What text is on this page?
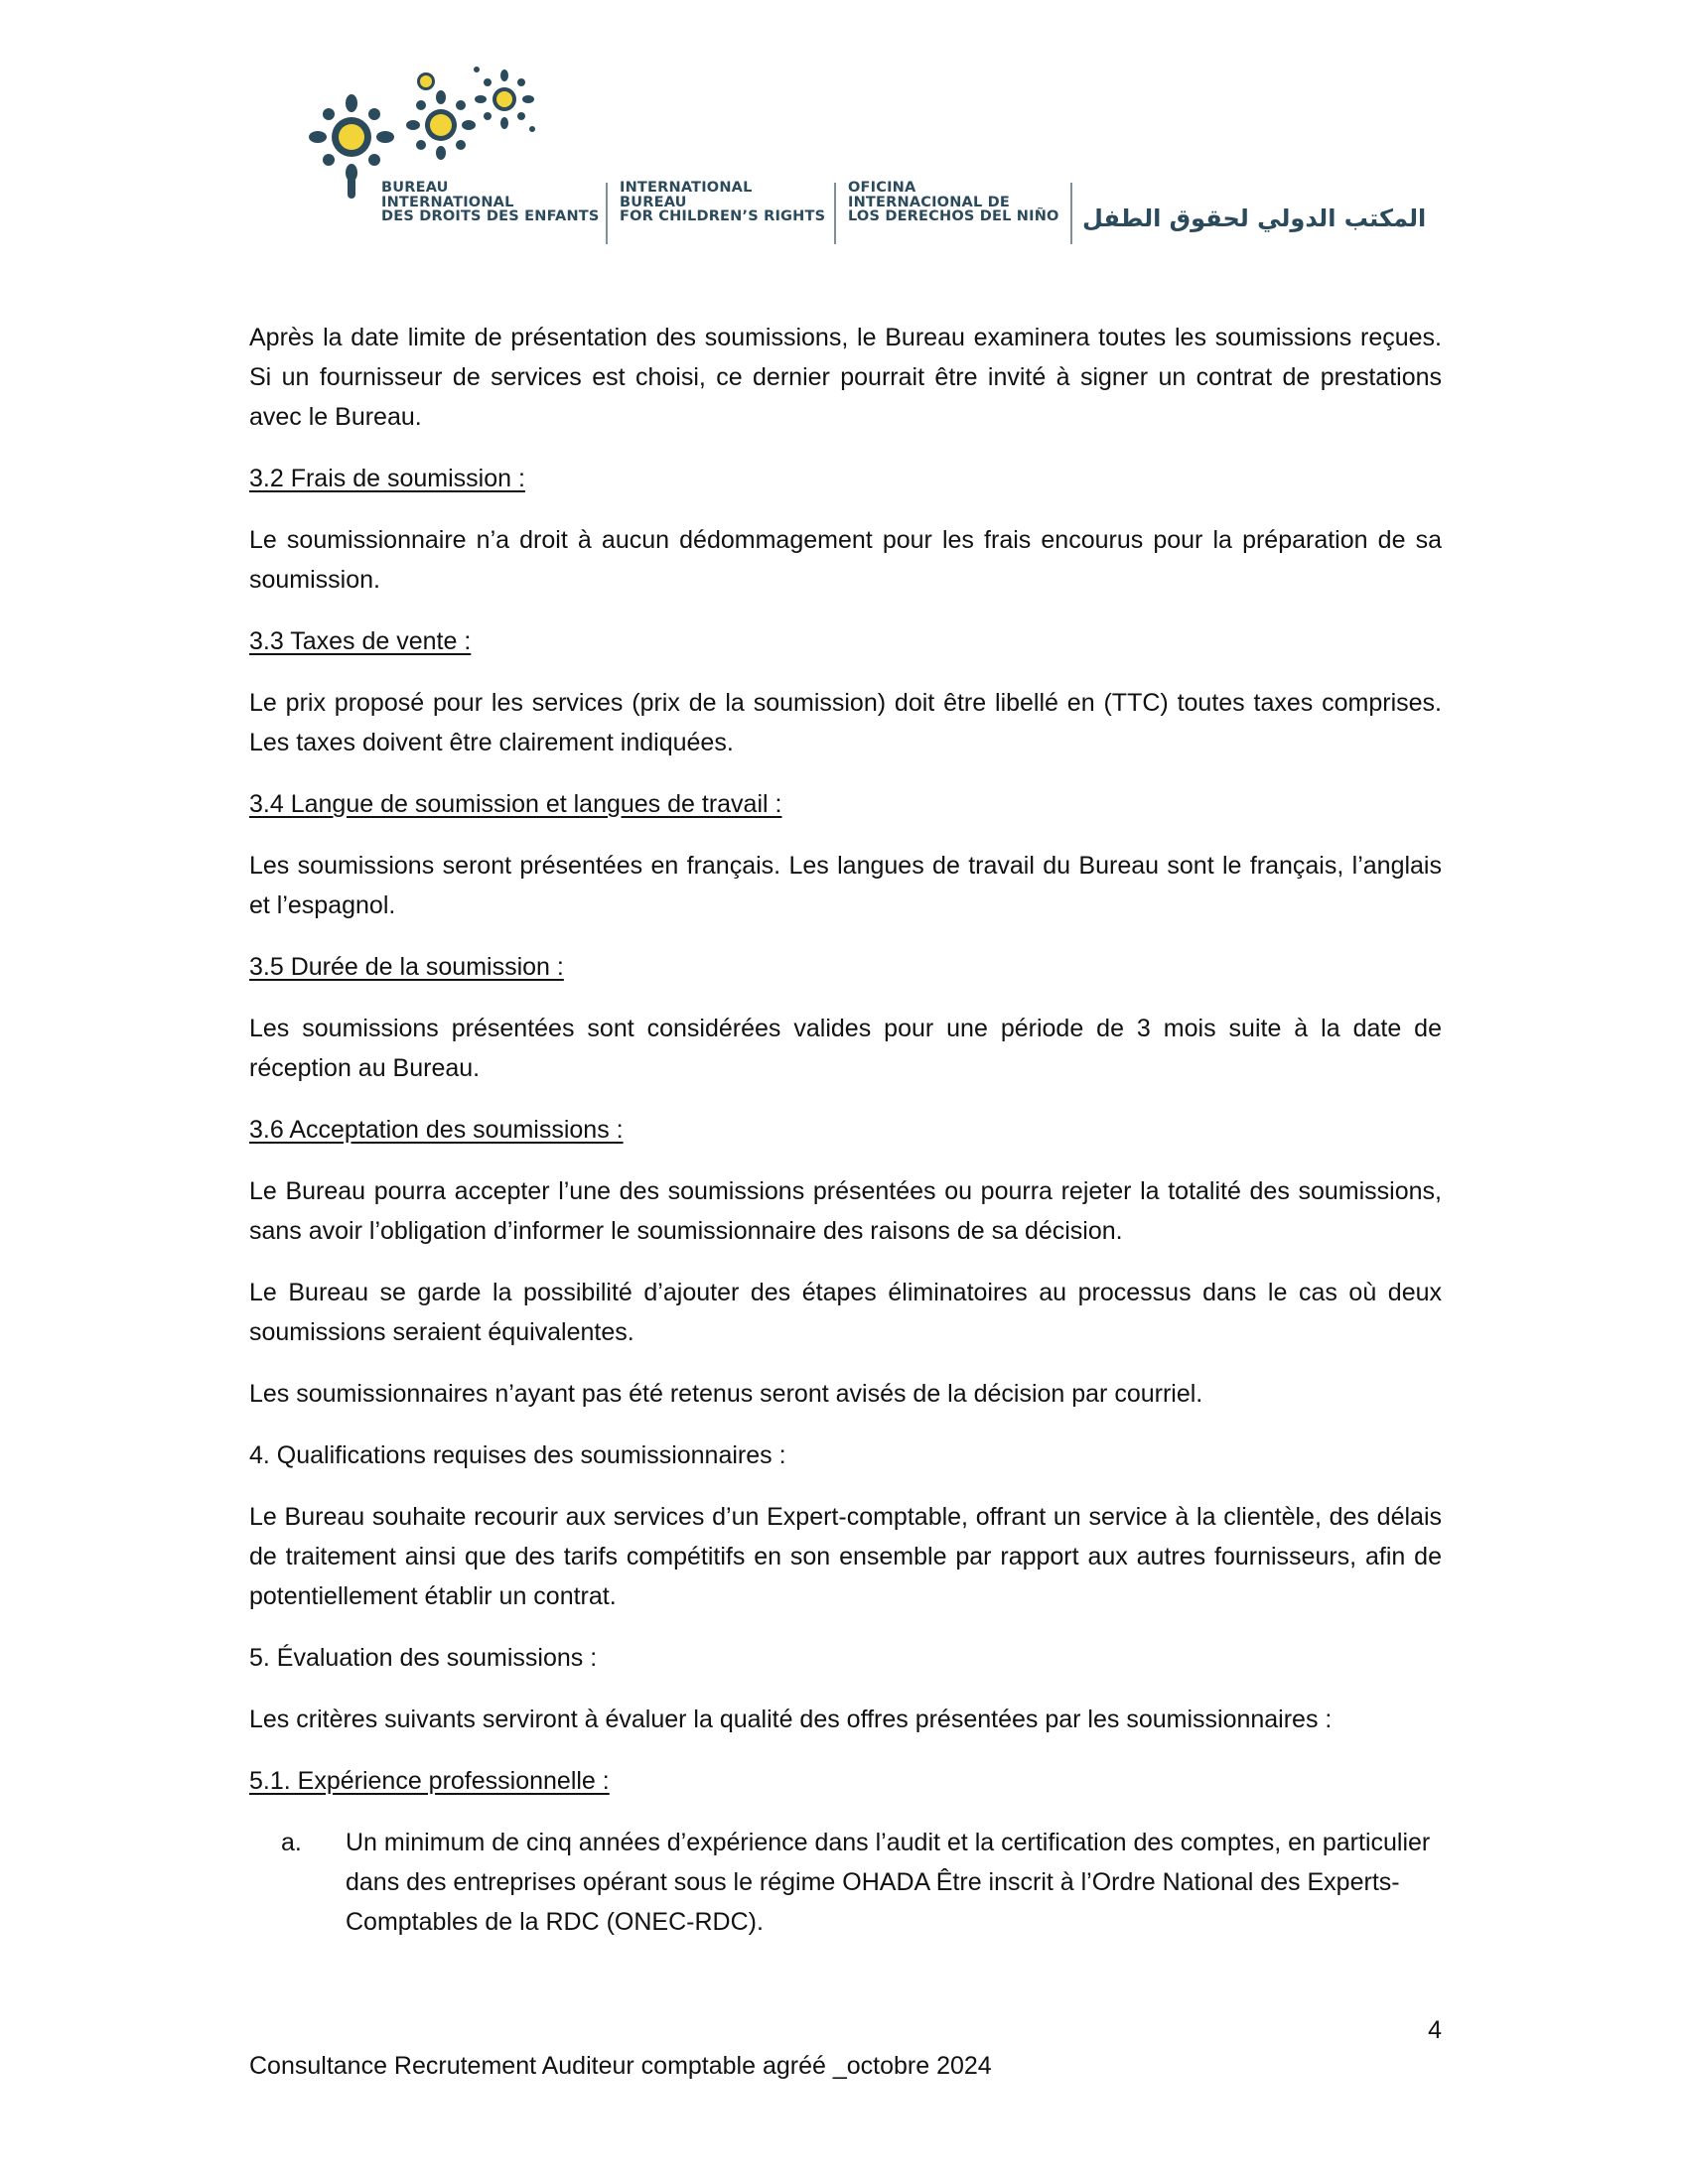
BUREAU
INTERNATIONAL
DES DROITS DES ENFANTS
INTERNATIONAL
BUREAU
FOR CHILDREN’S RIGHTS
OFICINA
INTERNACIONAL DE
LOS DERECHOS DEL NIÑO المكتب الدولي لحقوق الطفل

Après la date limite de présentation des soumissions, le Bureau examinera toutes les soumissions reçues. Si un fournisseur de services est choisi, ce dernier pourrait être invité à signer un contrat de prestations avec le Bureau.

3.2 Frais de soumission :

Le soumissionnaire n’a droit à aucun dédommagement pour les frais encourus pour la préparation de sa soumission.

3.3 Taxes de vente :

Le prix proposé pour les services (prix de la soumission) doit être libellé en (TTC) toutes taxes comprises. Les taxes doivent être clairement indiquées.

3.4 Langue de soumission et langues de travail :

Les soumissions seront présentées en français. Les langues de travail du Bureau sont le français, l’anglais et l’espagnol.

3.5 Durée de la soumission :

Les soumissions présentées sont considérées valides pour une période de 3 mois suite à la date de réception au Bureau.

3.6 Acceptation des soumissions :

Le Bureau pourra accepter l’une des soumissions présentées ou pourra rejeter la totalité des soumissions, sans avoir l’obligation d’informer le soumissionnaire des raisons de sa décision.

Le Bureau se garde la possibilité d’ajouter des étapes éliminatoires au processus dans le cas où deux soumissions seraient équivalentes.

Les soumissionnaires n’ayant pas été retenus seront avisés de la décision par courriel.

4. Qualifications requises des soumissionnaires :

Le Bureau souhaite recourir aux services d’un Expert-comptable, offrant un service à la clientèle, des délais de traitement ainsi que des tarifs compétitifs en son ensemble par rapport aux autres fournisseurs, afin de potentiellement établir un contrat.

5. Évaluation des soumissions :

Les critères suivants serviront à évaluer la qualité des offres présentées par les soumissionnaires :

5.1. Expérience professionnelle :

a. Un minimum de cinq années d’expérience dans l’audit et la certification des comptes, en particulier dans des entreprises opérant sous le régime OHADA Être inscrit à l’Ordre National des Experts-Comptables de la RDC (ONEC-RDC).
4
Consultance Recrutement Auditeur comptable agréé _octobre 2024
